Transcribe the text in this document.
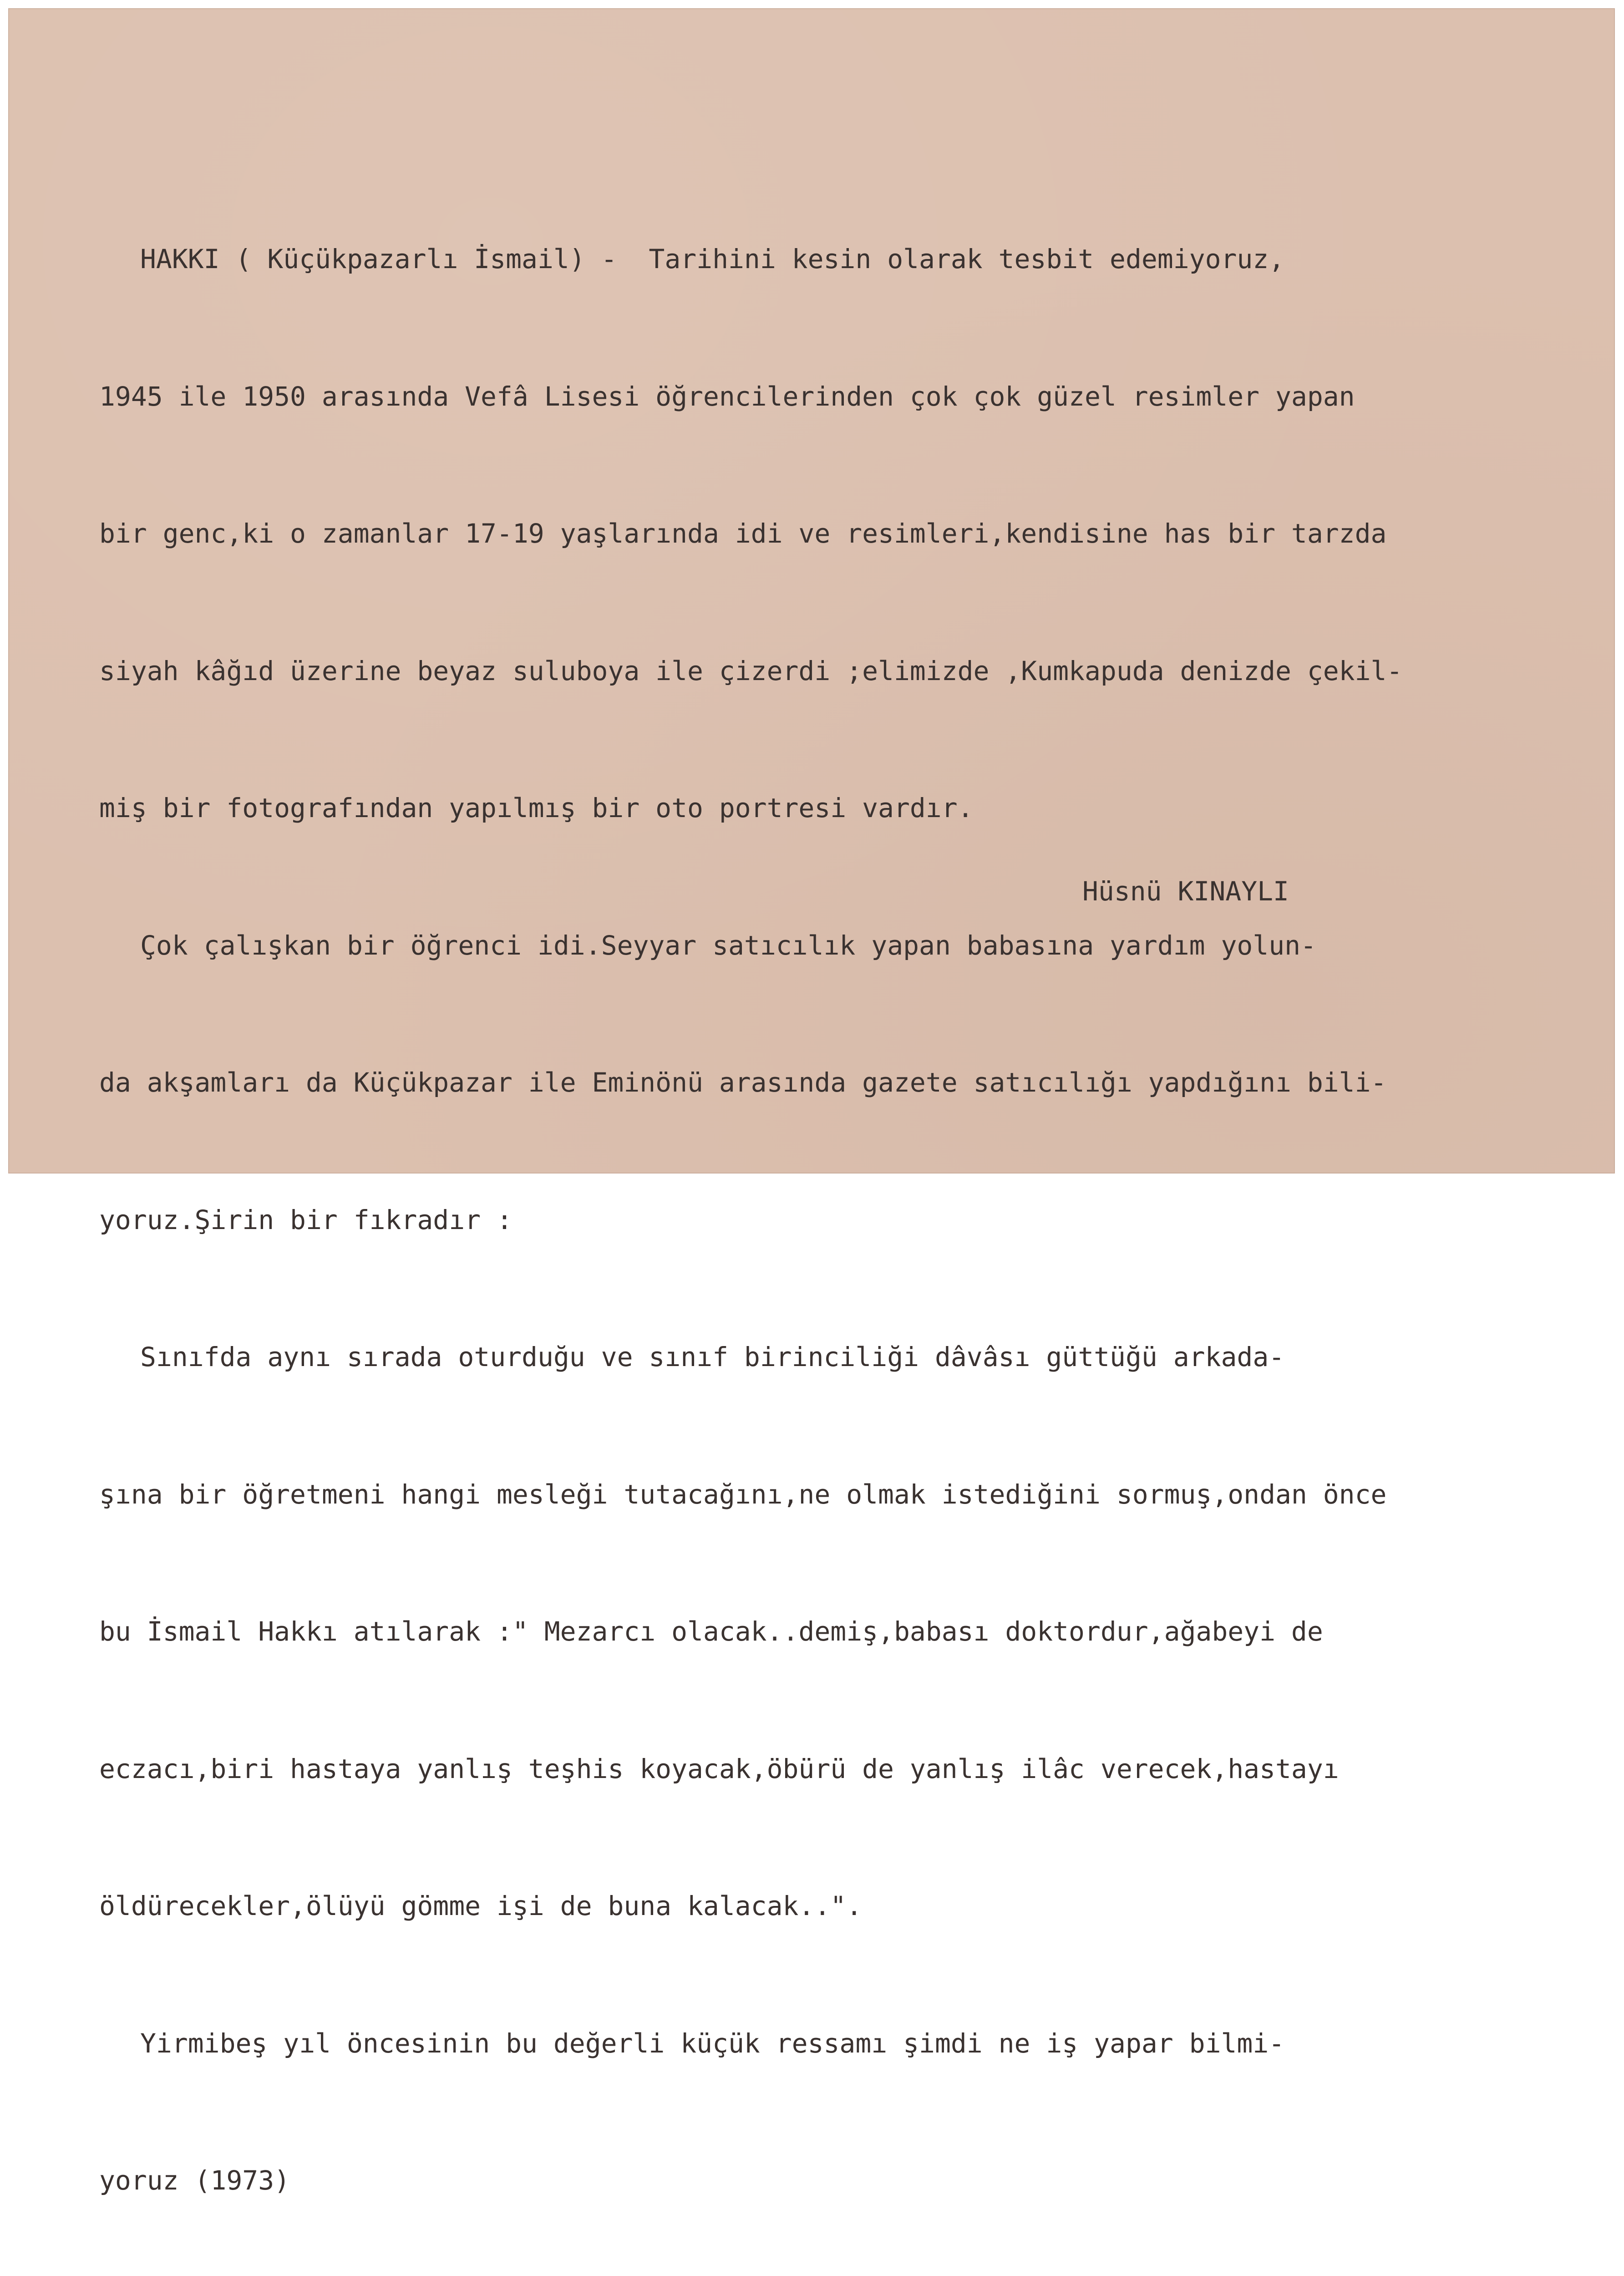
HAKKI ( Küçükpazarlı İsmail) -  Tarihini kesin olarak tesbit edemiyoruz,

1945 ile 1950 arasında Vefâ Lisesi öğrencilerinden çok çok güzel resimler yapan

bir genc,ki o zamanlar 17-19 yaşlarında idi ve resimleri,kendisine has bir tarzda

siyah kâğıd üzerine beyaz suluboya ile çizerdi ;elimizde ,Kumkapuda denizde çekil-

miş bir fotografından yapılmış bir oto portresi vardır.

Çok çalışkan bir öğrenci idi.Seyyar satıcılık yapan babasına yardım yolun-

da akşamları da Küçükpazar ile Eminönü arasında gazete satıcılığı yapdığını bili-

yoruz.Şirin bir fıkradır :

Sınıfda aynı sırada oturduğu ve sınıf birinciliği dâvâsı güttüğü arkada-

şına bir öğretmeni hangi mesleği tutacağını,ne olmak istediğini sormuş,ondan önce

bu İsmail Hakkı atılarak :" Mezarcı olacak..demiş,babası doktordur,ağabeyi de

eczacı,biri hastaya yanlış teşhis koyacak,öbürü de yanlış ilâc verecek,hastayı

öldürecekler,ölüyü gömme işi de buna kalacak..".

Yirmibeş yıl öncesinin bu değerli küçük ressamı şimdi ne iş yapar bilmi-

yoruz (1973)

Hüsnü KINAYLI
